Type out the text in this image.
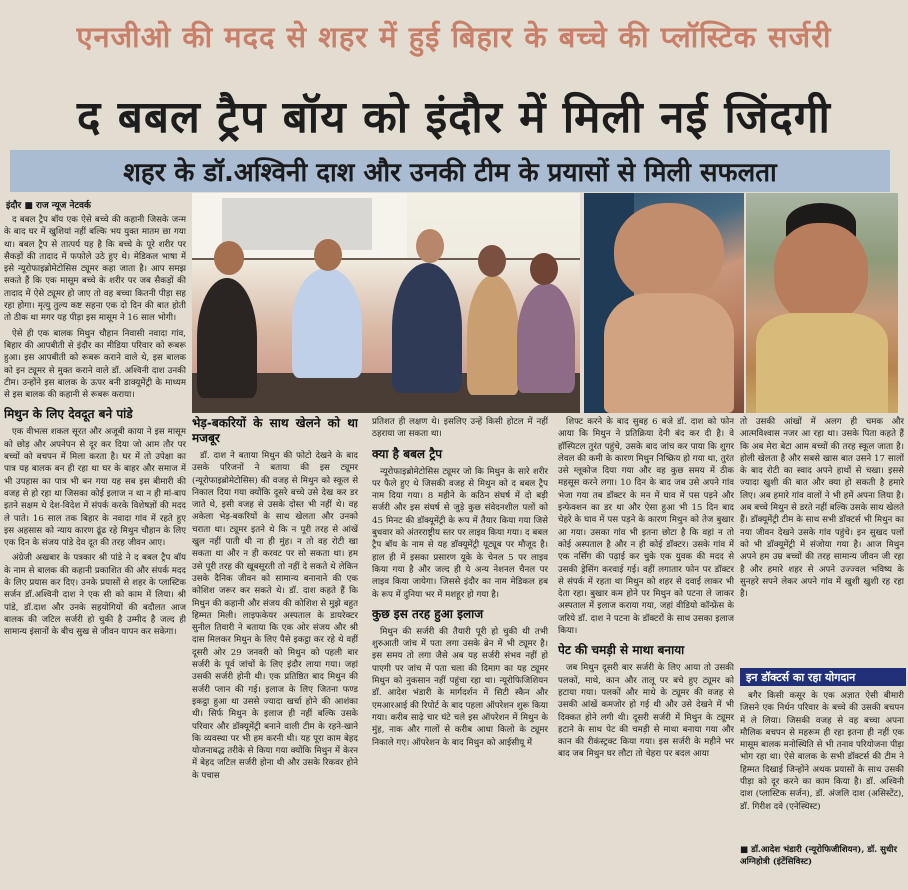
एनजीओ की मदद से शहर में हुई बिहार के बच्चे की प्लॉस्टिक सर्जरी
द बबल ट्रैप बॉय को इंदौर में मिली नई जिंदगी
शहर के डॉ.अश्विनी दाश और उनकी टीम के प्रयासों से मिली सफलता
इंदौर ■ राज न्यूज नेटवर्क

द बबल ट्रैप बॉय एक ऐसे बच्चे की कहानी जिसके जन्म के बाद घर में खुशियां नहीं बल्कि भय युक्त मातम छा गया था। बबल ट्रैप से तात्पर्य यह है कि बच्चे के पूरे शरीर पर सैकड़ों की तादाद में फफोले उठे हुए थे। मेडिकल भाषा में इसे न्यूरोफाइब्रोमेटोसिस ट्यूमर कहा जाता है। आप समझ सकते हैं कि एक मासूम बच्चे के शरीर पर जब सैकड़ों की तादाद में ऐसे ट्यूमर हो जाए तो वह बच्चा कितनी पीड़ा सह रहा होगा। मृत्यु तुल्य कष्ट सहना एक दो दिन की बात होती तो ठीक था मगर यह पीड़ा इस मासूम ने 16 साल भोगी।

ऐसे ही एक बालक मिथुन चौहान निवासी नवादा गांव, बिहार की आपबीती से इंदौर का मीडिया परिवार को रूबरू हुआ। इस आपबीती को रूबरू कराने वाले थे, इस बालक को इन ट्यूमर से मुक्त कराने वाले डॉ. अश्विनी दाश उनकी टीम। उन्होंने इस बालक के ऊपर बनी डाक्यूमेंट्री के माध्यम से इस बालक की कहानी से रूबरू कराया।

मिथुन के लिए देवदूत बने पांडे

एक वीभत्स शकल सूरत और अजूबी काया ने इस मासूम को छोड़ और अपनेपन से दूर कर दिया जो आम तौर पर बच्चों को बचपन में मिला करता है। घर में तो उपेक्षा का पात्र यह बालक बन ही रहा था घर के बाहर और समाज में भी उपहास का पात्र भी बन गया यह सब इस बीमारी की वजह से हो रहा था जिसका कोई इलाज न था न ही मां-बाप इतने सक्षम थे देश-विदेश में संपर्क करके विशेषज्ञों की मदद ले पाते। 16 साल तक बिहार के नवादा गांव में रहते हुए इस अहसास को न्याय कारण ढूंढ रहे मिथुन चौहान के लिए एक दिन के संजय पांडे देव दूत की तरह जीवन आए।

अंग्रेजी अखबार के पत्रकार श्री पांडे ने द बबल ट्रैप बॉय के नाम से बालक की कहानी प्रकाशित की और संपर्क मदद के लिए प्रयास कर दिए। उनके प्रयासों से शहर के प्लास्टिक सर्जन डॉ.अश्विनी दाश ने एक सी को काम में लिया। श्री पांडे, डॉ.दाश और उनके सहयोगियों की बदौलत आज बालक की जटिल सर्जरी हो चुकी है उम्मीद है जल्द ही सामान्य इंसानों के बीच सुख से जीवन यापन कर सकेगा।

भेड़-बकरियों के साथ खेलने को था मजबूर

डॉ. दाश ने बताया मिथुन की फोटो देखने के बाद उसके परिजनों ने बताया की इस ट्यूमर (न्यूरोफाइब्रोमेटोसिस) की वजह से मिथुन को स्कूल से निकाल दिया गया क्योंकि दूसरे बच्चे उसे देख कर डर जाते थे, इसी वजह से उसके दोस्त भी नहीं थे। वह अकेला भेड़-बकरियों के साथ खेलता और उनको चराता था। ट्यूमर इतने थे कि न पूरी तरह से आंखें खुल नहीं पाती थी ना ही मुंह। न तो वह रोटी खा सकता था और न ही करवट पर सो सकता था। हम उसे पूरी तरह की खूबसूरती तो नहीं दे सकते थे लेकिन उसके दैनिक जीवन को सामान्य बनानाने की एक कोशिश जरूर कर सकते थे। डॉ. दाश कहते हैं कि मिथुन की कहानी और संजय की कोशिश से मुझे बहुत हिम्मत मिली। लाइफकेयर अस्पताल के डायरेक्टर सुनील तिवारी ने बताया कि एक ओर संजय और श्री दास मिलकर मिथुन के लिए पैसे इकट्ठा कर रहे थे वहीं दूसरी ओर 29 जनवरी को मिथुन को पहली बार सर्जरी के पूर्व जांचों के लिए इंदौर लाया गया। जहां उसकी सर्जरी होनी थी। एक प्रतिष्ठित बाद मिथुन की सर्जरी प्लान की गई। इलाज के लिए जितना फण्ड इकट्ठा हुआ था उससे ज्यादा खर्चा होने की आशंका थी। सिर्फ मिथुन के इलाज ही नहीं बल्कि उसके परिवार और डॉक्यूमेंट्री बनाने वाली टीम के रहने-खाने कि व्यवस्था पर भी हम करनी थी। यह पूरा काम बेहद योजनाबद्ध तरीके से किया गया क्योंकि मिथुन में केरन में बेहद जटिल सर्जरी होना थी और उसके रिकवर होने के पचास

प्रतिशत ही लक्षण थे। इसलिए उन्हें किसी होटल में नहीं ठहराया जा सकता था।

क्या है बबल ट्रैप

न्यूरोफाइब्रोमेटोसिस ट्यूमर जो कि मिथुन के सारे शरीर पर फैले हुए थे जिसकी वजह से मिथुन को द बबल ट्रैप नाम दिया गया। 8 महीने के कठिन संघर्ष में दो बड़ी सर्जरी और इस संघर्ष से जुड़े कुछ संवेदनशील पलों को 45 मिनट की डॉक्यूमेंट्री के रूप में तैयार किया गया जिसे बुधवार को अंतरराष्ट्रीय स्तर पर लाइव किया गया। द बबल ट्रैप बॉय के नाम से यह डॉक्यूमेंट्री यूट्यूब पर मौजूद है। हाल ही में इसका प्रसारण यूके के चेनल 5 पर लाइव किया गया है और जल्द ही ये अन्य नेशनल चैनल पर लाइव किया जायेगा। जिससे इंदौर का नाम मेडिकल हब के रूप में दुनिया भर में मशहूर हो गया है।

कुछ इस तरह हुआ इलाज

मिथुन की सर्जरी की तैयारी पूरी हो चुकी थी तभी शुरुआती जांच में पता लगा उसके ब्रेन में भी ट्यूमर है। इस समय तो लगा जैसे अब यह सर्जरी संभव नहीं हो पाएगी पर जांच में पता चला की दिमाग का यह ट्यूमर मिथुन को नुकसान नहीं पहुंचा रहा था। न्यूरोफिजिशियन डॉ. आदेश भंडारी के मार्गदर्शन में सिटी स्कैन और एमआरआई की रिपोर्ट के बाद पहला ऑपरेशन शुरू किया गया। करीब साढ़े चार घंटे चले इस ऑपरेशन में मिथुन के मुंह, नाक और गालों से करीब आधा किलो के ट्यूमर निकाले गए। ऑपरेशन के बाद मिथुन को आईसीयू में

शिफ्ट करने के बाद सुबह 6 बजे डॉ. दाश को फोन आया कि मिथुन ने प्रतिक्रिया देनी बंद कर दी है। वे हॉस्पिटल तुरंत पहुंचे, उसके बाद जांच कर पाया कि शुगर लेवल की कमी के कारण मिथुन निष्क्रिय हो गया था, तुरंत उसे ग्लूकोज दिया गया और वह कुछ समय में ठीक महसूस करने लगा। 10 दिन के बाद जब उसे अपने गांव भेजा गया तब डॉक्टर के मन में घाव में पस पड़ने और इन्फेक्शन का डर था और ऐसा हुआ भी 15 दिन बाद चेहरे के घाव में पस पड़ने के कारण मिथुन को तेज बुखार आ गया। उसका गांव भी इतना छोटा है कि वहां न तो कोई अस्पताल है और न ही कोई डॉक्टर। उसके गांव में एक नर्सिंग की पढ़ाई कर चुके एक युवक की मदद से उसकी ड्रेसिंग करवाई गई। वहीं लगातार फोन पर डॉक्टर से संपर्क में रहता था मिथुन को शहर से दवाई लाकर भी देता रहा। बुखार कम होने पर मिथुन को पटना ले जाकर अस्पताल में इलाज कराया गया, जहां वीडियो कॉन्फ्रेंस के जरिये डॉ. दाश ने पटना के डॉक्टरों के साथ उसका इलाज किया।

पेट की चमड़ी से माथा बनाया

जब मिथुन दूसरी बार सर्जरी के लिए आया तो उसकी पलकों, माथे, कान और तालू पर बचे हुए ट्यूमर को हटाया गया। पलकों और माथे के ट्यूमर की वजह से उसकी आंखें कमजोर हो गई थी और उसे देखने में भी दिक्कत होने लगी थी। दूसरी सर्जरी में मिथुन के ट्यूमर हटाने के साथ पेट की चमड़ी से माथा बनाया गया और कान की रीकंस्ट्रक्ट किया गया। इस सर्जरी के महीने भर बाद जब मिथुन घर लौटा तो चेहरा पर बदल आया

तो उसकी आंखों में अलग ही चमक और आत्मविश्वास नजर आ रहा था। उसके पिता कहते हैं कि अब मेरा बेटा आम बच्चों की तरह स्कूल जाता है। होली खेलता है और सबसे खास बात उसने 17 सालों के बाद रोटी का स्वाद अपने हाथों से चखा। इससे ज्यादा खुशी की बात और क्या हो सकती है हमारे लिए। अब हमारे गांव वालों ने भी हमें अपना लिया है। अब बच्चे मिथुन से डरते नहीं बल्कि उसके साथ खेलते हैं। डॉक्यूमेंट्री टीम के साथ सभी डॉक्टर्स भी मिथुन का नया जीवन देखने उसके गांव पहुंचे। इन सुखद पलों को भी डॉक्यूमेंट्री में संजोया गया है। आज मिथुन अपने हम उम्र बच्चों की तरह सामान्य जीवन जी रहा है और हमारे शहर से अपने उज्ज्वल भविष्य के सुनहरे सपने लेकर अपने गांव में खुशी खुशी रह रहा है।

इन डॉक्टर्स का रहा योगदान

बगैर किसी कसूर के एक अज्ञात ऐसी बीमारी जिसने एक निर्धन परिवार के बच्चे की उसकी बचपन में ले लिया। जिसकी वजह से वह बच्चा अपना मौलिक बचपन से महरूम ही रहा इतना ही नहीं एक मासूम बालक मनोस्थिति से भी तनाव परियोजना पीड़ा भोग रहा था। ऐसे बालक के सभी डॉक्टर्स की टीम ने हिम्मत दिखाई जिन्होंने अथक प्रयासों के साथ उसकी पीड़ा को दूर करने का काम किया है। डॉ. अश्विनी दाश (प्लास्टिक सर्जन), डॉ. अंजलि दाश (असिस्टेंट), डॉ. गिरीश दवे (एनेस्थिस्ट)

■ डॉ.आदेश भंडारी (न्यूरोफिजीशियन), डॉ. सुधीर अग्निहोत्री (इंटेंसिविस्ट)
